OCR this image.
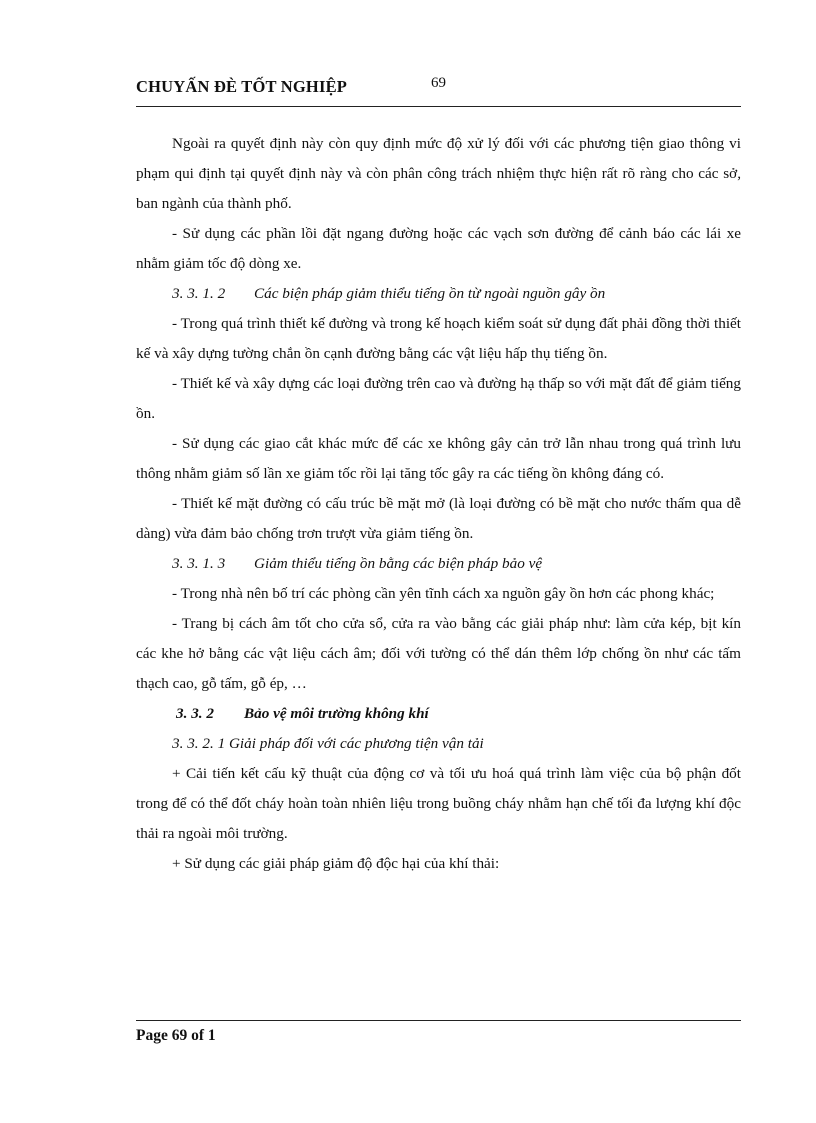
CHUYẤN ĐÈ TỐT NGHIỆP	69

Ngoài ra quyết định này còn quy định mức độ xử lý đối với các phương tiện giao thông vi phạm qui định tại quyết định này và còn phân công trách nhiệm thực hiện rất rõ ràng cho các sở, ban ngành của thành phố.

- Sử dụng các phần lồi đặt ngang đường hoặc các vạch sơn đường để cảnh báo các lái xe nhằm giảm tốc độ dòng xe.

3. 3. 1. 2 Các biện pháp giảm thiểu tiếng ồn từ ngoài nguồn gây ồn

- Trong quá trình thiết kế đường và trong kế hoạch kiểm soát sử dụng đất phải đồng thời thiết kế và xây dựng tường chắn ồn cạnh đường bằng các vật liệu hấp thụ tiếng ồn.

- Thiết kế và xây dựng các loại đường trên cao và đường hạ thấp so với mặt đất để giảm tiếng ồn.

- Sử dụng các giao cắt khác mức để các xe không gây cản trở lẫn nhau trong quá trình lưu thông nhằm giảm số lần xe giảm tốc rồi lại tăng tốc gây ra các tiếng ồn không đáng có.

- Thiết kế mặt đường có cấu trúc bề mặt mở (là loại đường có bề mặt cho nước thấm qua dễ dàng) vừa đảm bảo chống trơn trượt vừa giảm tiếng ồn.

3. 3. 1. 3 Giảm thiểu tiếng ồn bằng các biện pháp bảo vệ

- Trong nhà nên bố trí các phòng cần yên tĩnh cách xa nguồn gây ồn hơn các phong khác;

- Trang bị cách âm tốt cho cửa sổ, cửa ra vào bằng các giải pháp như: làm cửa kép, bịt kín các khe hở bằng các vật liệu cách âm; đối với tường có thể dán thêm lớp chống ồn như các tấm thạch cao, gỗ tấm, gỗ ép, …

3. 3. 2 Bảo vệ môi trường không khí

3. 3. 2. 1 Giải pháp đối với các phương tiện vận tải

+ Cải tiến kết cấu kỹ thuật của động cơ và tối ưu hoá quá trình làm việc của bộ phận đốt trong để có thể đốt cháy hoàn toàn nhiên liệu trong buồng cháy nhằm hạn chế tối đa lượng khí độc thải ra ngoài môi trường.

+ Sử dụng các giải pháp giảm độ độc hại của khí thải:

Page 69 of 1
